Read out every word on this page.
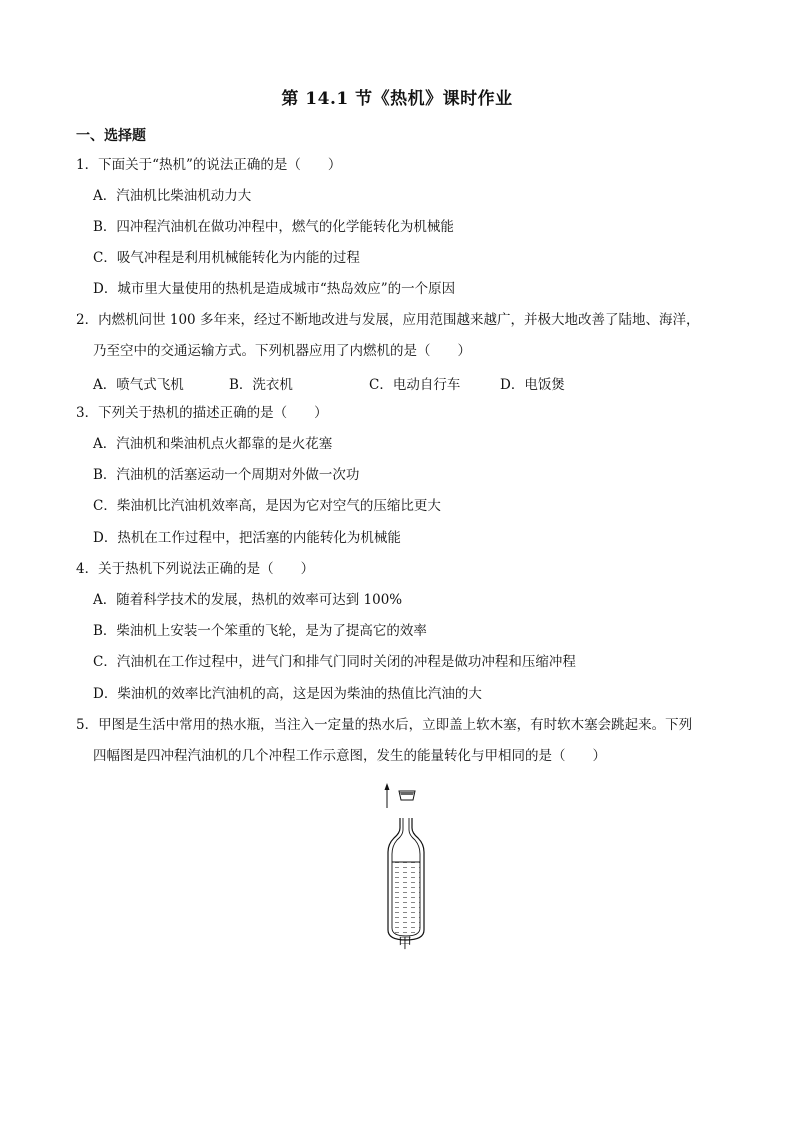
第 14.1 节《热机》课时作业
一、选择题
1．下面关于“热机”的说法正确的是（　　）
A．汽油机比柴油机动力大
B．四冲程汽油机在做功冲程中，燃气的化学能转化为机械能
C．吸气冲程是利用机械能转化为内能的过程
D．城市里大量使用的热机是造成城市“热岛效应”的一个原因
2．内燃机问世 100 多年来，经过不断地改进与发展，应用范围越来越广，并极大地改善了陆地、海洋，
乃至空中的交通运输方式。下列机器应用了内燃机的是（　　）
A．喷气式飞机	B．洗衣机	C．电动自行车	D．电饭煲
3．下列关于热机的描述正确的是（　　）
A．汽油机和柴油机点火都靠的是火花塞
B．汽油机的活塞运动一个周期对外做一次功
C．柴油机比汽油机效率高，是因为它对空气的压缩比更大
D．热机在工作过程中，把活塞的内能转化为机械能
4．关于热机下列说法正确的是（　　）
A．随着科学技术的发展，热机的效率可达到 100%
B．柴油机上安装一个笨重的飞轮，是为了提高它的效率
C．汽油机在工作过程中，进气门和排气门同时关闭的冲程是做功冲程和压缩冲程
D．柴油机的效率比汽油机的高，这是因为柴油的热值比汽油的大
5．甲图是生活中常用的热水瓶，当注入一定量的热水后，立即盖上软木塞，有时软木塞会跳起来。下列
四幅图是四冲程汽油机的几个冲程工作示意图，发生的能量转化与甲相同的是（　　）
甲
